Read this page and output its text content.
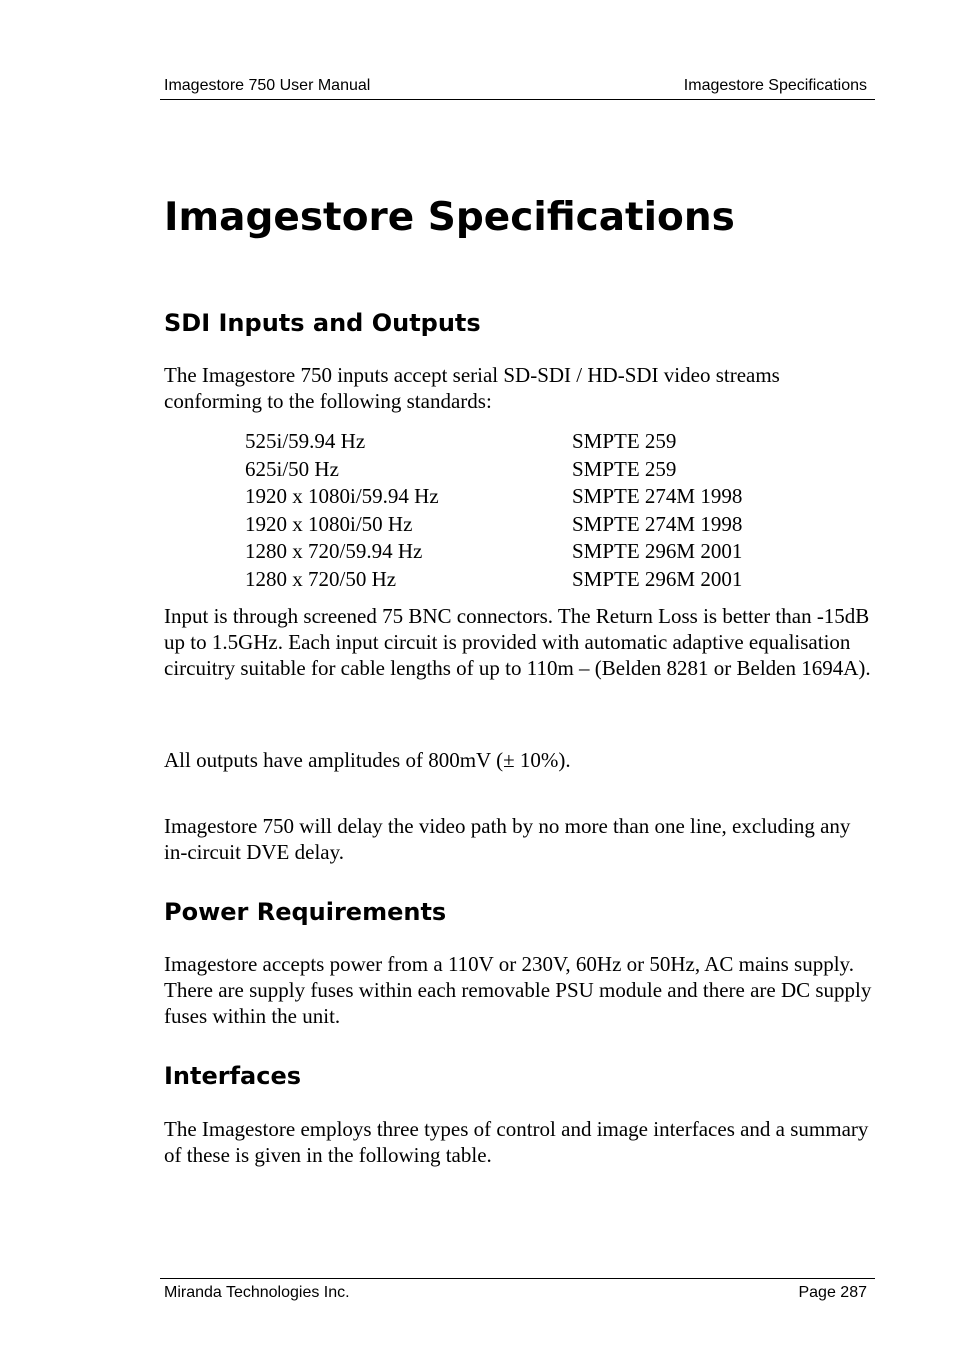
Imagestore 750 User Manual	Imagestore Specifications
Imagestore Specifications
SDI Inputs and Outputs

The Imagestore 750 inputs accept serial SD-SDI / HD-SDI video streams conforming to the following standards:

525i/59.94 Hz	SMPTE 259
625i/50 Hz	SMPTE 259
1920 x 1080i/59.94 Hz	SMPTE 274M 1998
1920 x 1080i/50 Hz	SMPTE 274M 1998
1280 x 720/59.94 Hz	SMPTE 296M 2001
1280 x 720/50 Hz	SMPTE 296M 2001

Input is through screened 75 BNC connectors. The Return Loss is better than -15dB up to 1.5GHz. Each input circuit is provided with automatic adaptive equalisation circuitry suitable for cable lengths of up to 110m – (Belden 8281 or Belden 1694A).

All outputs have amplitudes of 800mV (± 10%).

Imagestore 750 will delay the video path by no more than one line, excluding any in-circuit DVE delay.

Power Requirements

Imagestore accepts power from a 110V or 230V, 60Hz or 50Hz, AC mains supply. There are supply fuses within each removable PSU module and there are DC supply fuses within the unit.

Interfaces

The Imagestore employs three types of control and image interfaces and a summary of these is given in the following table.

Miranda Technologies Inc.	Page 287
